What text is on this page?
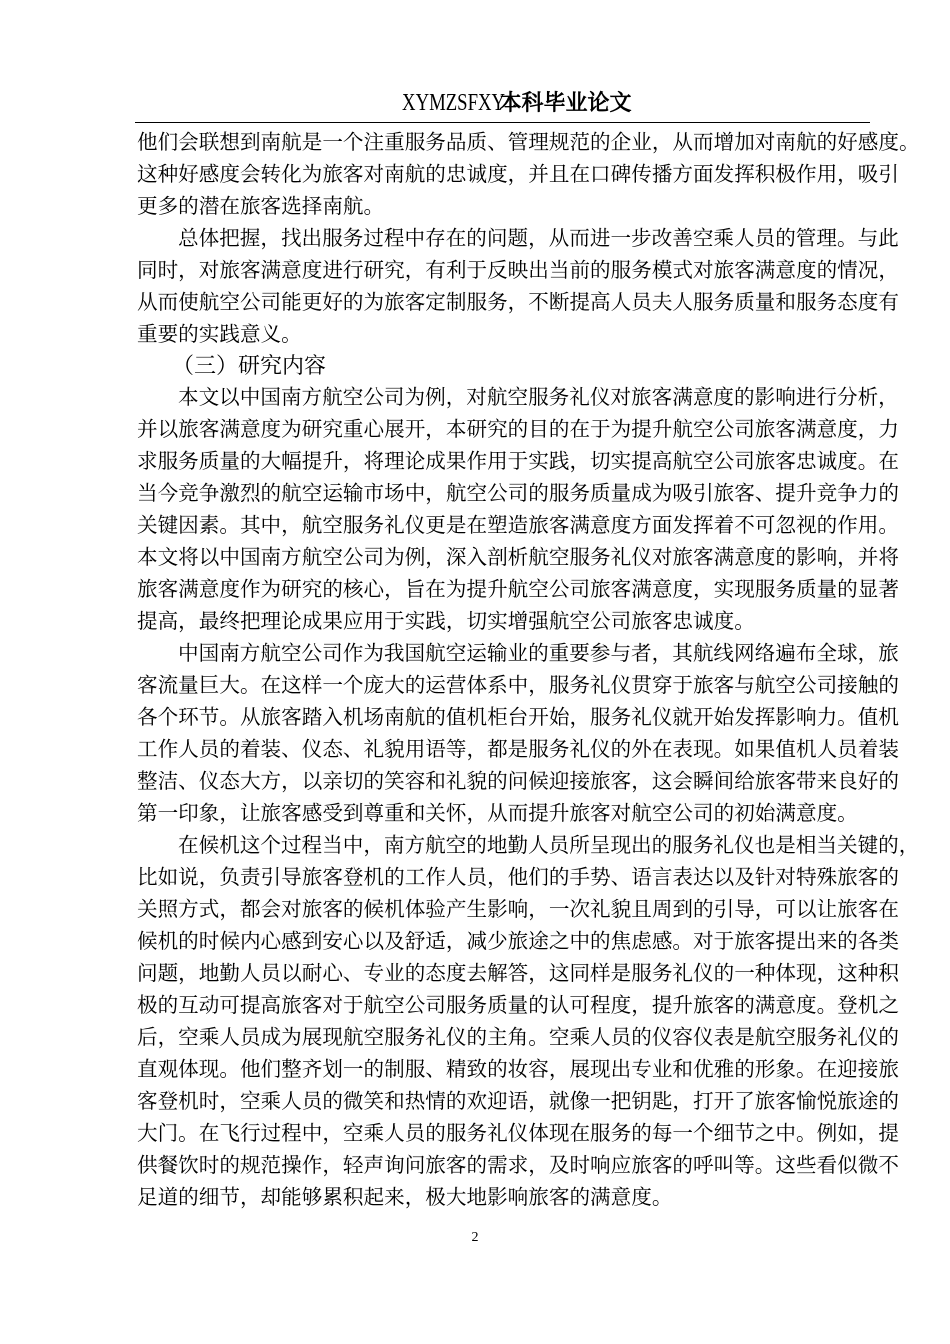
XYMZSFXY本科毕业论文
他们会联想到南航是一个注重服务品质、管理规范的企业，从而增加对南航的好感度。
这种好感度会转化为旅客对南航的忠诚度，并且在口碑传播方面发挥积极作用，吸引
更多的潜在旅客选择南航。
总体把握，找出服务过程中存在的问题，从而进一步改善空乘人员的管理。与此
同时，对旅客满意度进行研究，有利于反映出当前的服务模式对旅客满意度的情况，
从而使航空公司能更好的为旅客定制服务，不断提高人员夫人服务质量和服务态度有
重要的实践意义。
（三）研究内容
本文以中国南方航空公司为例，对航空服务礼仪对旅客满意度的影响进行分析，
并以旅客满意度为研究重心展开，本研究的目的在于为提升航空公司旅客满意度，力
求服务质量的大幅提升，将理论成果作用于实践，切实提高航空公司旅客忠诚度。在
当今竞争激烈的航空运输市场中，航空公司的服务质量成为吸引旅客、提升竞争力的
关键因素。其中，航空服务礼仪更是在塑造旅客满意度方面发挥着不可忽视的作用。
本文将以中国南方航空公司为例，深入剖析航空服务礼仪对旅客满意度的影响，并将
旅客满意度作为研究的核心，旨在为提升航空公司旅客满意度，实现服务质量的显著
提高，最终把理论成果应用于实践，切实增强航空公司旅客忠诚度。
中国南方航空公司作为我国航空运输业的重要参与者，其航线网络遍布全球，旅
客流量巨大。在这样一个庞大的运营体系中，服务礼仪贯穿于旅客与航空公司接触的
各个环节。从旅客踏入机场南航的值机柜台开始，服务礼仪就开始发挥影响力。值机
工作人员的着装、仪态、礼貌用语等，都是服务礼仪的外在表现。如果值机人员着装
整洁、仪态大方，以亲切的笑容和礼貌的问候迎接旅客，这会瞬间给旅客带来良好的
第一印象，让旅客感受到尊重和关怀，从而提升旅客对航空公司的初始满意度。
在候机这个过程当中，南方航空的地勤人员所呈现出的服务礼仪也是相当关键的，
比如说，负责引导旅客登机的工作人员，他们的手势、语言表达以及针对特殊旅客的
关照方式，都会对旅客的候机体验产生影响，一次礼貌且周到的引导，可以让旅客在
候机的时候内心感到安心以及舒适，减少旅途之中的焦虑感。对于旅客提出来的各类
问题，地勤人员以耐心、专业的态度去解答，这同样是服务礼仪的一种体现，这种积
极的互动可提高旅客对于航空公司服务质量的认可程度，提升旅客的满意度。登机之
后，空乘人员成为展现航空服务礼仪的主角。空乘人员的仪容仪表是航空服务礼仪的
直观体现。他们整齐划一的制服、精致的妆容，展现出专业和优雅的形象。在迎接旅
客登机时，空乘人员的微笑和热情的欢迎语，就像一把钥匙，打开了旅客愉悦旅途的
大门。在飞行过程中，空乘人员的服务礼仪体现在服务的每一个细节之中。例如，提
供餐饮时的规范操作，轻声询问旅客的需求，及时响应旅客的呼叫等。这些看似微不
足道的细节，却能够累积起来，极大地影响旅客的满意度。
2
